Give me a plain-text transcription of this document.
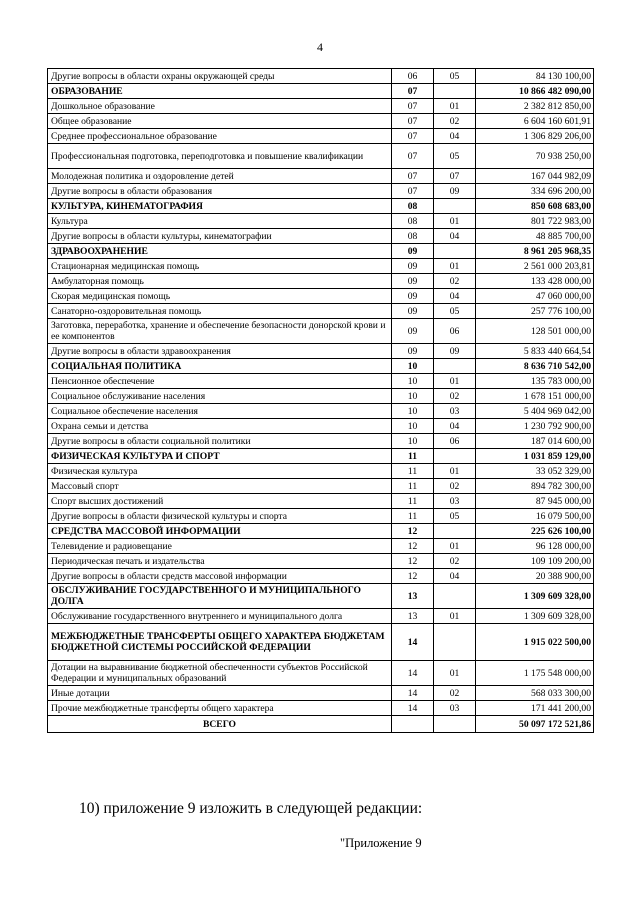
4
Другие вопросы в области охраны окружающей среды	06	05	84 130 100,00
ОБРАЗОВАНИЕ	07		10 866 482 090,00
Дошкольное образование	07	01	2 382 812 850,00
Общее образование	07	02	6 604 160 601,91
Среднее профессиональное образование	07	04	1 306 829 206,00
Профессиональная подготовка, переподготовка и повышение квалификации	07	05	70 938 250,00
Молодежная политика и оздоровление детей	07	07	167 044 982,09
Другие вопросы в области образования	07	09	334 696 200,00
КУЛЬТУРА, КИНЕМАТОГРАФИЯ	08		850 608 683,00
Культура	08	01	801 722 983,00
Другие вопросы в области культуры, кинематографии	08	04	48 885 700,00
ЗДРАВООХРАНЕНИЕ	09		8 961 205 968,35
Стационарная медицинская помощь	09	01	2 561 000 203,81
Амбулаторная помощь	09	02	133 428 000,00
Скорая медицинская помощь	09	04	47 060 000,00
Санаторно-оздоровительная помощь	09	05	257 776 100,00
Заготовка, переработка, хранение и обеспечение безопасности донорской крови и ее компонентов	09	06	128 501 000,00
Другие вопросы в области здравоохранения	09	09	5 833 440 664,54
СОЦИАЛЬНАЯ ПОЛИТИКА	10		8 636 710 542,00
Пенсионное обеспечение	10	01	135 783 000,00
Социальное обслуживание населения	10	02	1 678 151 000,00
Социальное обеспечение населения	10	03	5 404 969 042,00
Охрана семьи и детства	10	04	1 230 792 900,00
Другие вопросы в области социальной политики	10	06	187 014 600,00
ФИЗИЧЕСКАЯ КУЛЬТУРА И СПОРТ	11		1 031 859 129,00
Физическая культура	11	01	33 052 329,00
Массовый спорт	11	02	894 782 300,00
Спорт высших достижений	11	03	87 945 000,00
Другие вопросы в области физической культуры и спорта	11	05	16 079 500,00
СРЕДСТВА МАССОВОЙ ИНФОРМАЦИИ	12		225 626 100,00
Телевидение и радиовещание	12	01	96 128 000,00
Периодическая печать и издательства	12	02	109 109 200,00
Другие вопросы в области средств массовой информации	12	04	20 388 900,00
ОБСЛУЖИВАНИЕ ГОСУДАРСТВЕННОГО И МУНИЦИПАЛЬНОГО ДОЛГА	13		1 309 609 328,00
Обслуживание государственного внутреннего и муниципального долга	13	01	1 309 609 328,00
МЕЖБЮДЖЕТНЫЕ ТРАНСФЕРТЫ ОБЩЕГО ХАРАКТЕРА БЮДЖЕТАМ БЮДЖЕТНОЙ СИСТЕМЫ РОССИЙСКОЙ ФЕДЕРАЦИИ	14		1 915 022 500,00
Дотации на выравнивание бюджетной обеспеченности субъектов Российской Федерации и муниципальных образований	14	01	1 175 548 000,00
Иные дотации	14	02	568 033 300,00
Прочие межбюджетные трансферты общего характера	14	03	171 441 200,00
ВСЕГО			50 097 172 521,86
10) приложение 9 изложить в следующей редакции:
"Приложение 9
